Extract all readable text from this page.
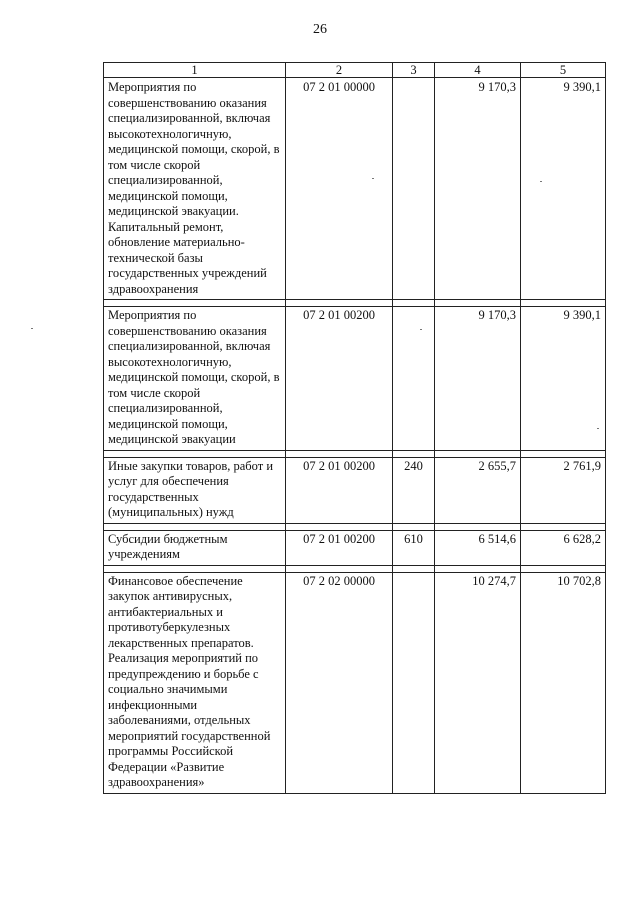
26
1	2	3	4	5
Мероприятия по совершенствованию оказания специализированной, включая высокотехнологичную, медицинской помощи, скорой, в том числе скорой специализированной, медицинской помощи, медицинской эвакуации. Капитальный ремонт, обновление материально-технической базы государственных учреждений здравоохранения	07 2 01 00000		9 170,3	9 390,1

Мероприятия по совершенствованию оказания специализированной, включая высокотехнологичную, медицинской помощи, скорой, в том числе скорой специализированной, медицинской помощи, медицинской эвакуации	07 2 01 00200		9 170,3	9 390,1

Иные закупки товаров, работ и услуг для обеспечения государственных (муниципальных) нужд	07 2 01 00200	240	2 655,7	2 761,9

Субсидии бюджетным учреждениям	07 2 01 00200	610	6 514,6	6 628,2

Финансовое обеспечение закупок антивирусных, антибактериальных и противотуберкулезных лекарственных препаратов. Реализация мероприятий по предупреждению и борьбе с социально значимыми инфекционными заболеваниями, отдельных мероприятий государственной программы Российской Федерации «Развитие здравоохранения»	07 2 02 00000		10 274,7	10 702,8
